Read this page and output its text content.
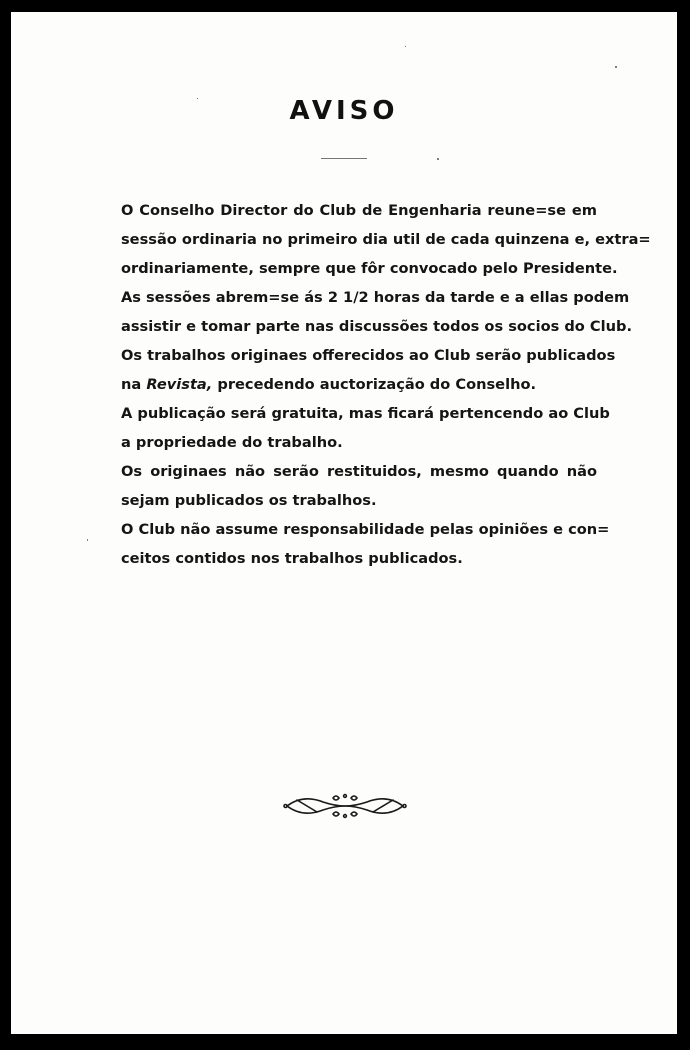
AVISO

O Conselho Director do Club de Engenharia reune=se em
sessão ordinaria no primeiro dia util de cada quinzena e, extra=
ordinariamente, sempre que fôr convocado pelo Presidente.

As sessões abrem=se ás 2 1/2 horas da tarde e a ellas podem
assistir e tomar parte nas discussões todos os socios do Club.

Os trabalhos originaes offerecidos ao Club serão publicados
na Revista, precedendo auctorização do Conselho.

A publicação será gratuita, mas ficará pertencendo ao Club
a propriedade do trabalho.

Os originaes não serão restituidos, mesmo quando não
sejam publicados os trabalhos.

O Club não assume responsabilidade pelas opiniões e con=
ceitos contidos nos trabalhos publicados.
